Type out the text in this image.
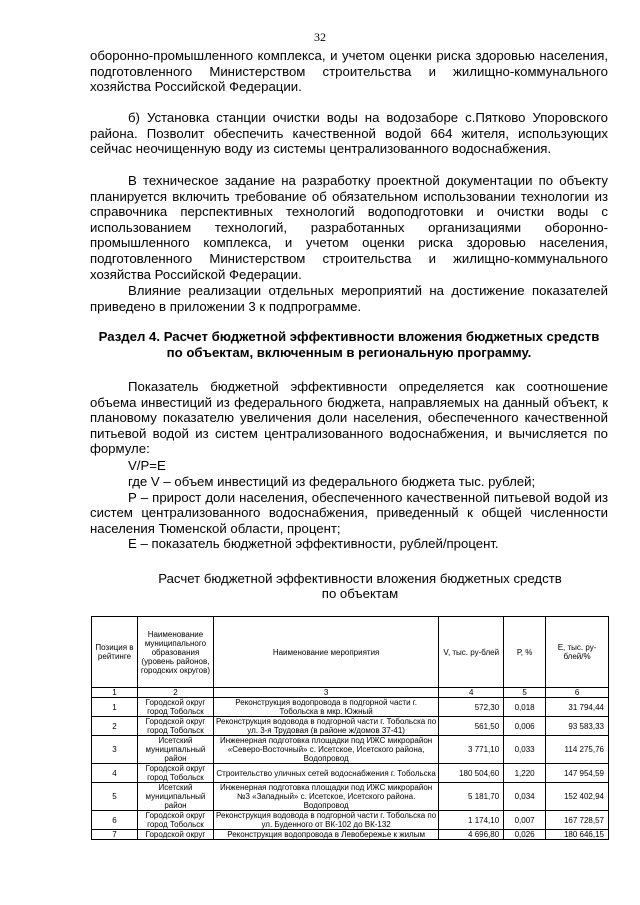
32

оборонно-промышленного комплекса, и учетом оценки риска здоровью населения, подготовленного Министерством строительства и жилищно-коммунального хозяйства Российской Федерации.

б) Установка станции очистки воды на водозаборе с.Пятково Упоровского района. Позволит обеспечить качественной водой 664 жителя, использующих сейчас неочищенную воду из системы централизованного водоснабжения.

В техническое задание на разработку проектной документации по объекту планируется включить требование об обязательном использовании технологии из справочника перспективных технологий водоподготовки и очистки воды с использованием технологий, разработанных организациями оборонно-промышленного комплекса, и учетом оценки риска здоровью населения, подготовленного Министерством строительства и жилищно-коммунального хозяйства Российской Федерации.

Влияние реализации отдельных мероприятий на достижение показателей приведено в приложении 3 к подпрограмме.

Раздел 4. Расчет бюджетной эффективности вложения бюджетных средств по объектам, включенным в региональную программу.

Показатель бюджетной эффективности определяется как соотношение объема инвестиций из федерального бюджета, направляемых на данный объект, к плановому показателю увеличения доли населения, обеспеченного качественной питьевой водой из систем централизованного водоснабжения, и вычисляется по формуле:

V/P=E

где V – объем инвестиций из федерального бюджета тыс. рублей;

Р – прирост доли населения, обеспеченного качественной питьевой водой из систем централизованного водоснабжения, приведенный к общей численности населения Тюменской области, процент;

Е – показатель бюджетной эффективности, рублей/процент.

Расчет бюджетной эффективности вложения бюджетных средств по объектам
Позиция в рейтинге	Наименование муниципального образования (уровень районов, городских округов)	Наименование мероприятия	V, тыс. ру-блей	Р, %	Е, тыс. ру-блей/%
1	2	3	4	5	6
1	Городской округ город Тобольск	Реконструкция водопровода в подгорной части г. Тобольска в мкр. Южный	572,30	0,018	31 794,44
2	Городской округ город Тобольск	Реконструкция водовода в подгорной части г. Тобольска по ул. 3-я Трудовая (в районе ж/домов 37-41)	561,50	0,006	93 583,33
3	Исетский муниципальный район	Инженерная подготовка площадки под ИЖС микрорайон «Северо-Восточный» с. Исетское, Исетского района, Водопровод	3 771,10	0,033	114 275,76
4	Городской округ город Тобольск	Строительство уличных сетей водоснабжения г. Тобольска	180 504,60	1,220	147 954,59
5	Исетский муниципальный район	Инженерная подготовка площадки под ИЖС микрорайон №3 «Западный» с. Исетское, Исетского района. Водопровод	5 181,70	0,034	152 402,94
6	Городской округ город Тобольск	Реконструкция водовода в подгорной части г. Тобольска по ул. Буденного от ВК-102 до ВК-132	1 174,10	0,007	167 728,57
7	Городской округ	Реконструкция водопровода в Левобережье к жилым	4 696,80	0,026	180 646,15
